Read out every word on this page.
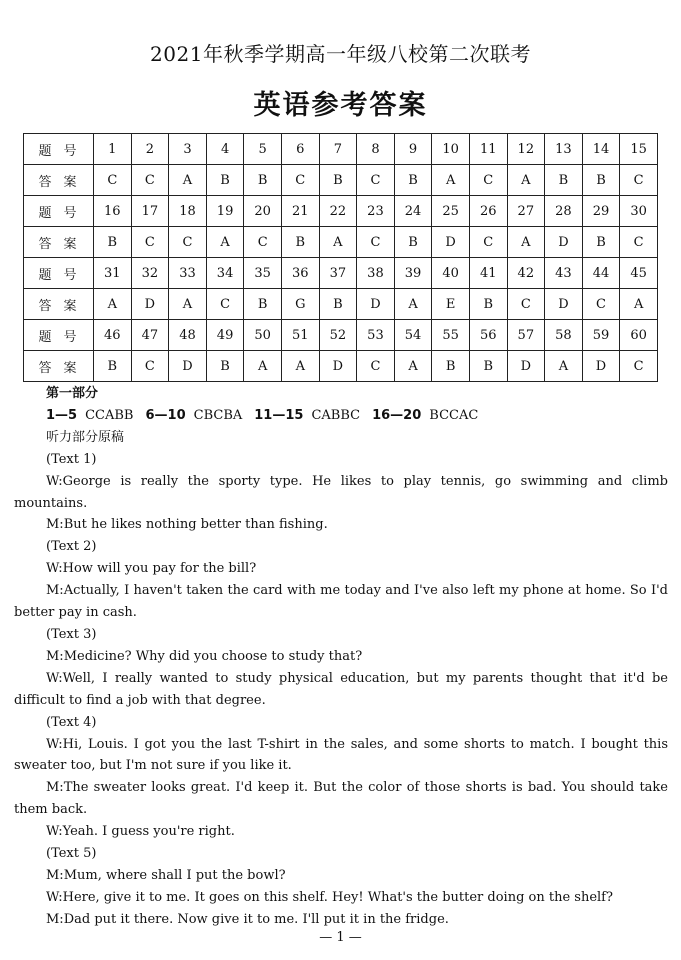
2021年秋季学期高一年级八校第二次联考
英语参考答案
题号	1	2	3	4	5	6	7	8	9	10	11	12	13	14	15
答案	C	C	A	B	B	C	B	C	B	A	C	A	B	B	C
题号	16	17	18	19	20	21	22	23	24	25	26	27	28	29	30
答案	B	C	C	A	C	B	A	C	B	D	C	A	D	B	C
题号	31	32	33	34	35	36	37	38	39	40	41	42	43	44	45
答案	A	D	A	C	B	G	B	D	A	E	B	C	D	C	A
题号	46	47	48	49	50	51	52	53	54	55	56	57	58	59	60
答案	B	C	D	B	A	A	D	C	A	B	B	D	A	D	C

第一部分

1—5 CCABB 6—10 CBCBA 11—15 CABBC 16—20 BCCAC

听力部分原稿

(Text 1)

W:George is really the sporty type. He likes to play tennis, go swimming and climb mountains.

M:But he likes nothing better than fishing.

(Text 2)

W:How will you pay for the bill?

M:Actually, I haven't taken the card with me today and I've also left my phone at home. So I'd better pay in cash.

(Text 3)

M:Medicine? Why did you choose to study that?

W:Well, I really wanted to study physical education, but my parents thought that it'd be difficult to find a job with that degree.

(Text 4)

W:Hi, Louis. I got you the last T-shirt in the sales, and some shorts to match. I bought this sweater too, but I'm not sure if you like it.

M:The sweater looks great. I'd keep it. But the color of those shorts is bad. You should take them back.

W:Yeah. I guess you're right.

(Text 5)

M:Mum, where shall I put the bowl?

W:Here, give it to me. It goes on this shelf. Hey! What's the butter doing on the shelf?

M:Dad put it there. Now give it to me. I'll put it in the fridge.

— 1 —
